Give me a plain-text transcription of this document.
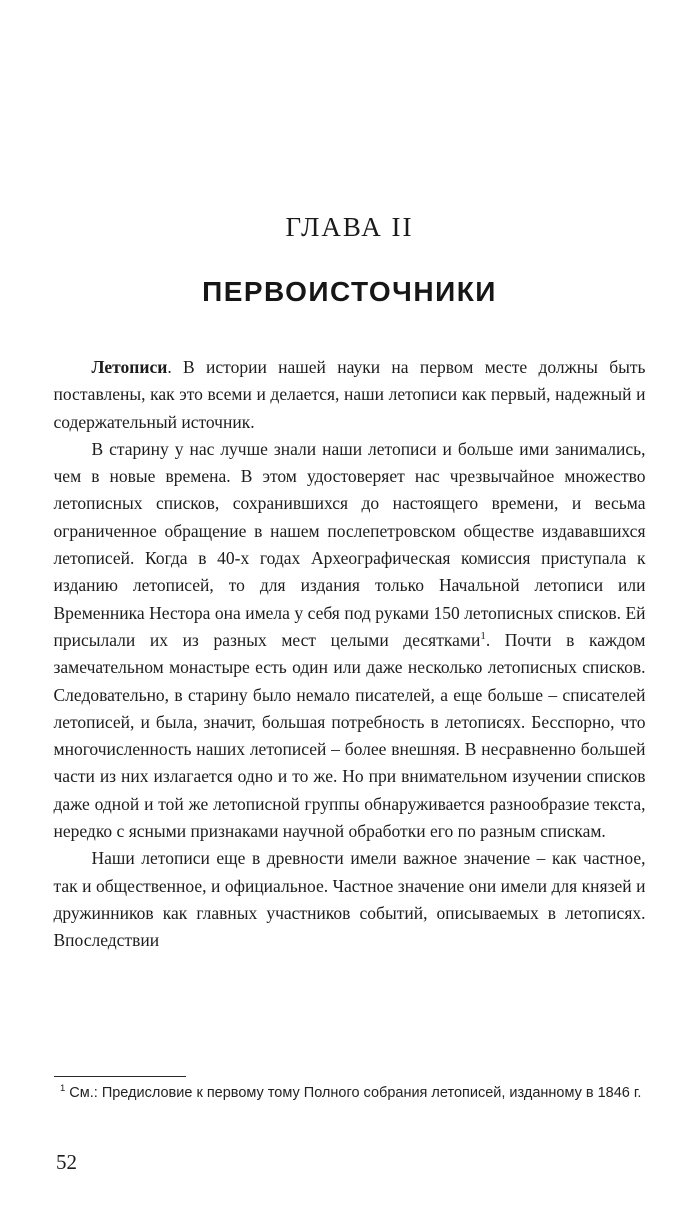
ГЛАВА II
ПЕРВОИСТОЧНИКИ

Летописи. В истории нашей науки на первом месте должны быть поставлены, как это всеми и делается, наши летописи как первый, надежный и содержательный источник.

В старину у нас лучше знали наши летописи и больше ими занимались, чем в новые времена. В этом удостоверяет нас чрезвычайное множество летописных списков, сохранившихся до настоящего времени, и весьма ограниченное обращение в нашем послепетровском обществе издававшихся летописей. Когда в 40-х годах Археографическая комиссия приступала к изданию летописей, то для издания только Начальной летописи или Временника Нестора она имела у себя под руками 150 летописных списков. Ей присылали их из разных мест целыми десятками$^1$. Почти в каждом замечательном монастыре есть один или даже несколько летописных списков. Следовательно, в старину было немало писателей, а еще больше – списателей летописей, и была, значит, большая потребность в летописях. Бесспорно, что многочисленность наших летописей – более внешняя. В несравненно большей части из них излагается одно и то же. Но при внимательном изучении списков даже одной и той же летописной группы обнаруживается разнообразие текста, нередко с ясными признаками научной обработки его по разным спискам.

Наши летописи еще в древности имели важное значение – как частное, так и общественное, и официальное. Частное значение они имели для князей и дружинников как главных участников событий, описываемых в летописях. Впоследствии

$^1$ См.: Предисловие к первому тому Полного собрания летописей, изданному в 1846 г.

52
